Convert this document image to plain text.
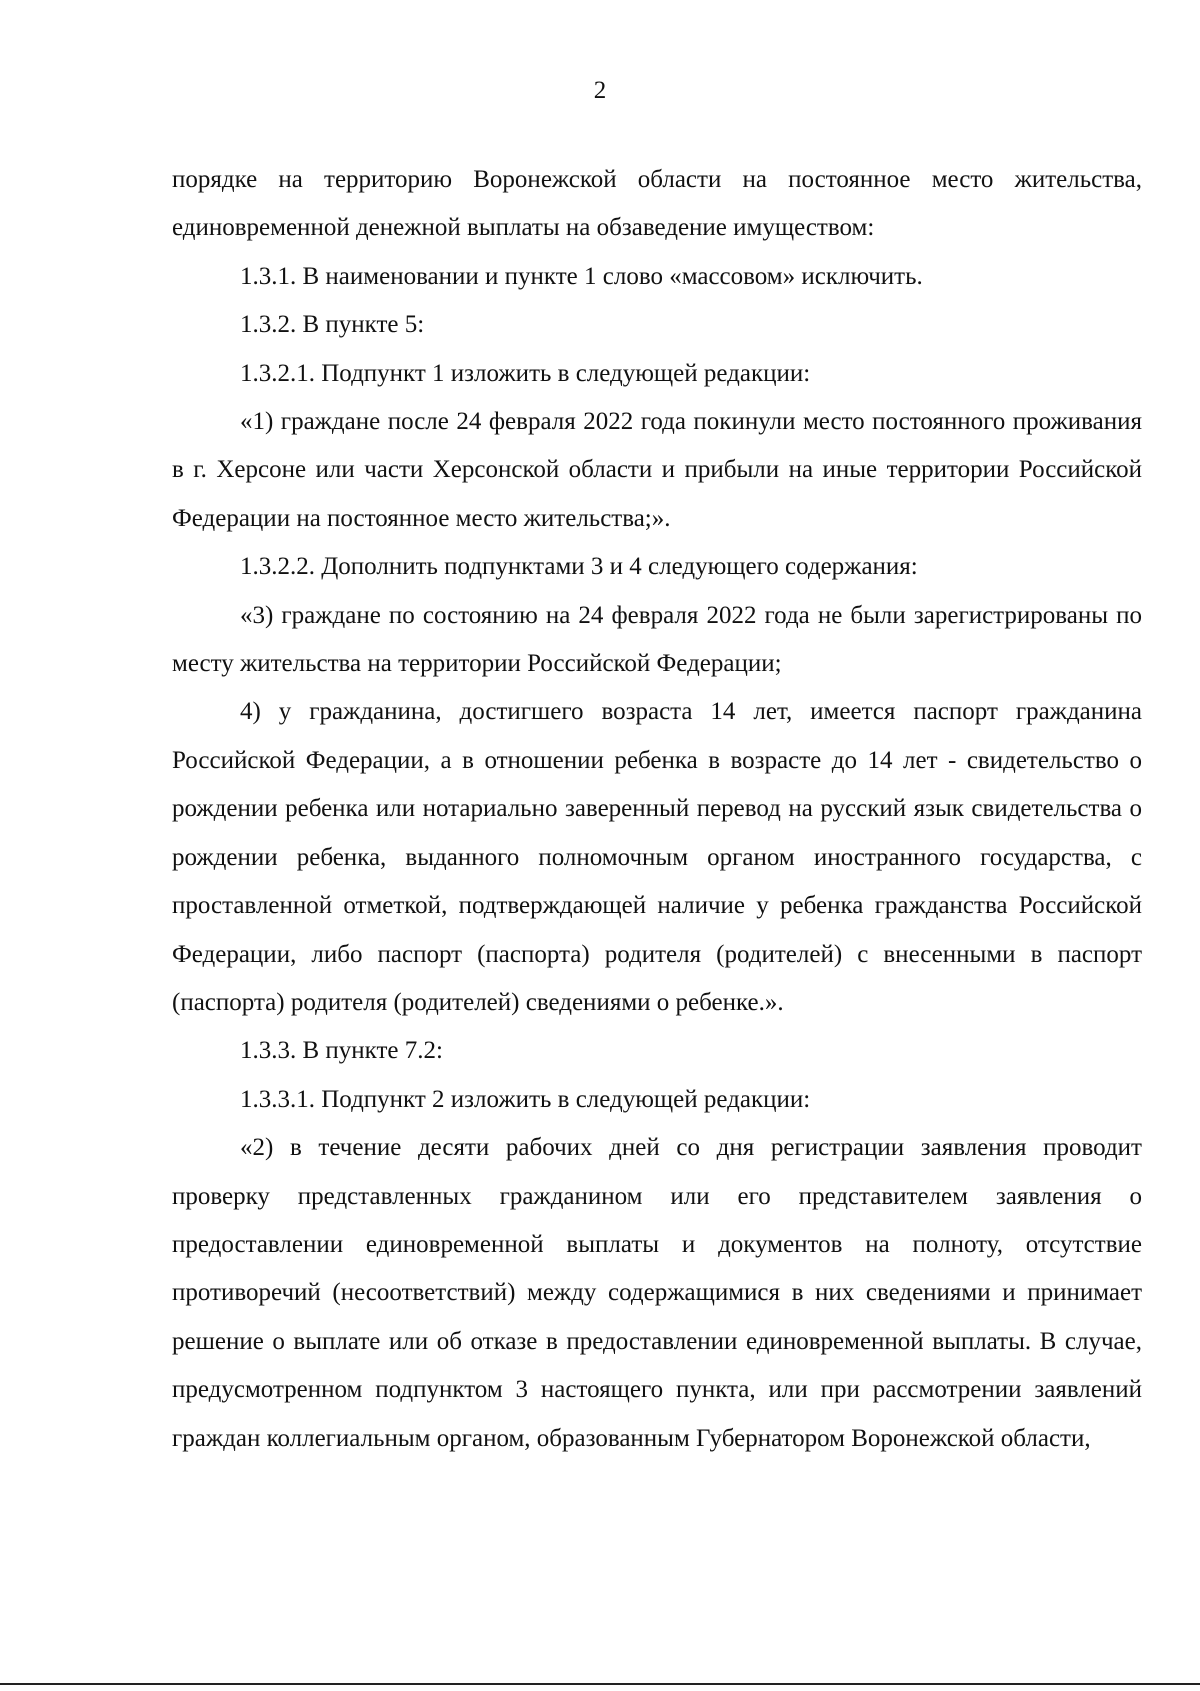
2

порядке на территорию Воронежской области на постоянное место жительства, единовременной денежной выплаты на обзаведение имуществом:

1.3.1. В наименовании и пункте 1 слово «массовом» исключить.

1.3.2. В пункте 5:

1.3.2.1. Подпункт 1 изложить в следующей редакции:

«1) граждане после 24 февраля 2022 года покинули место постоянного проживания в г. Херсоне или части Херсонской области и прибыли на иные территории Российской Федерации на постоянное место жительства;».

1.3.2.2. Дополнить подпунктами 3 и 4 следующего содержания:

«3) граждане по состоянию на 24 февраля 2022 года не были зарегистрированы по месту жительства на территории Российской Федерации;

4) у гражданина, достигшего возраста 14 лет, имеется паспорт гражданина Российской Федерации, а в отношении ребенка в возрасте до 14 лет - свидетельство о рождении ребенка или нотариально заверенный перевод на русский язык свидетельства о рождении ребенка, выданного полномочным органом иностранного государства, с проставленной отметкой, подтверждающей наличие у ребенка гражданства Российской Федерации, либо паспорт (паспорта) родителя (родителей) с внесенными в паспорт (паспорта) родителя (родителей) сведениями о ребенке.».

1.3.3. В пункте 7.2:

1.3.3.1. Подпункт 2 изложить в следующей редакции:

«2) в течение десяти рабочих дней со дня регистрации заявления проводит проверку представленных гражданином или его представителем заявления о предоставлении единовременной выплаты и документов на полноту, отсутствие противоречий (несоответствий) между содержащимися в них сведениями и принимает решение о выплате или об отказе в предоставлении единовременной выплаты. В случае, предусмотренном подпунктом 3 настоящего пункта, или при рассмотрении заявлений граждан коллегиальным органом, образованным Губернатором Воронежской области,
